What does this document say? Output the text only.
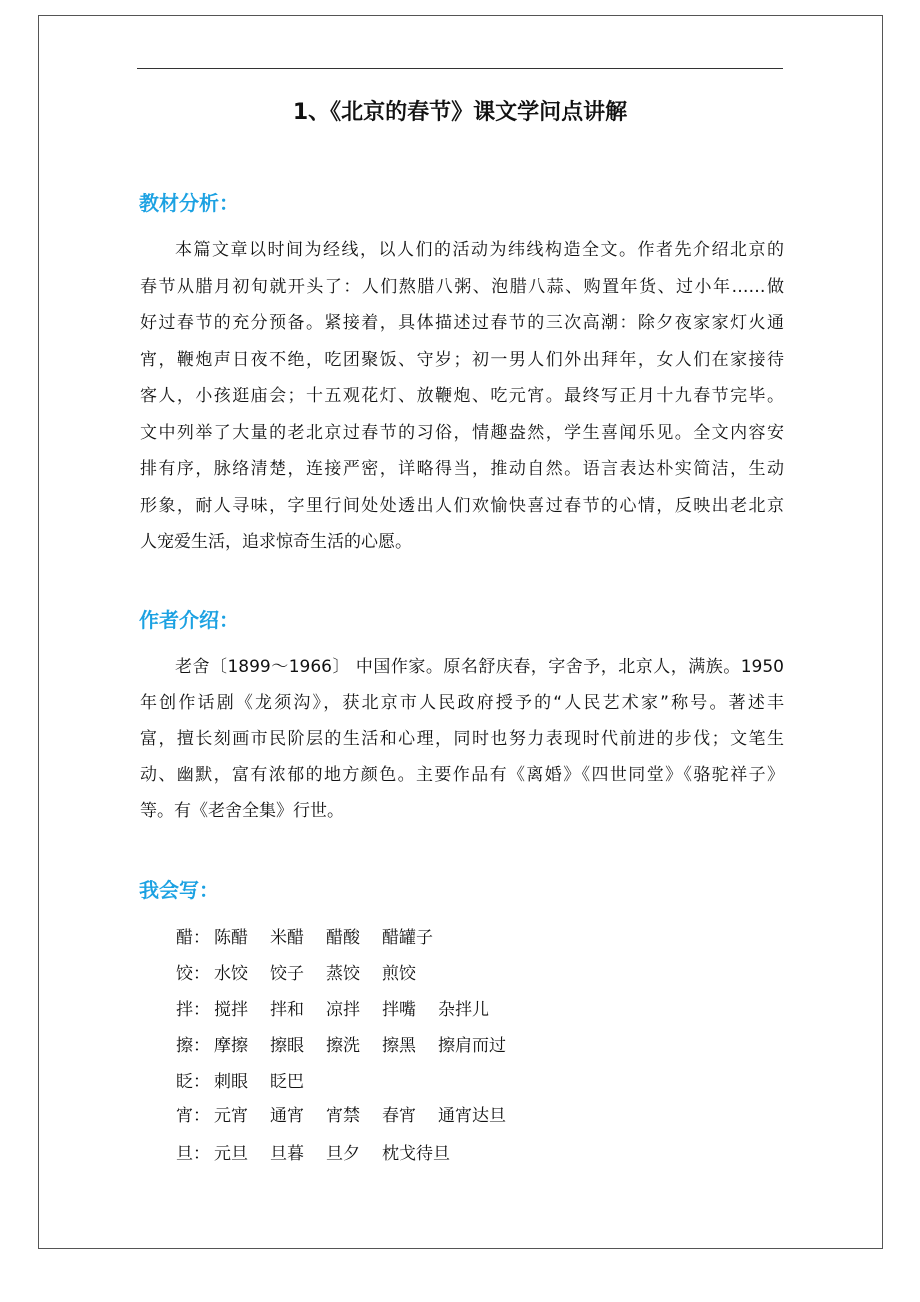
1、《北京的春节》课文学问点讲解
教材分析：
本篇文章以时间为经线，以人们的活动为纬线构造全文。作者先介绍北京的
春节从腊月初旬就开头了：人们熬腊八粥、泡腊八蒜、购置年货、过小年……做
好过春节的充分预备。紧接着，具体描述过春节的三次高潮：除夕夜家家灯火通
宵，鞭炮声日夜不绝，吃团聚饭、守岁；初一男人们外出拜年，女人们在家接待
客人，小孩逛庙会；十五观花灯、放鞭炮、吃元宵。最终写正月十九春节完毕。
文中列举了大量的老北京过春节的习俗，情趣盎然，学生喜闻乐见。全文内容安
排有序，脉络清楚，连接严密，详略得当，推动自然。语言表达朴实简洁，生动
形象，耐人寻味，字里行间处处透出人们欢愉快喜过春节的心情，反映出老北京
人宠爱生活，追求惊奇生活的心愿。
作者介绍：
老舍〔1899～1966〕 中国作家。原名舒庆春，字舍予，北京人，满族。1950
年创作话剧《龙须沟》，获北京市人民政府授予的“人民艺术家”称号。著述丰
富，擅长刻画市民阶层的生活和心理，同时也努力表现时代前进的步伐；文笔生
动、幽默，富有浓郁的地方颜色。主要作品有《离婚》《四世同堂》《骆驼祥子》
等。有《老舍全集》行世。
我会写：
醋： 陈醋 米醋 醋酸 醋罐子
饺： 水饺 饺子 蒸饺 煎饺
拌： 搅拌 拌和 凉拌 拌嘴 杂拌儿
擦： 摩擦 擦眼 擦洗 擦黑 擦肩而过
眨： 刺眼 眨巴
宵： 元宵 通宵 宵禁 春宵 通宵达旦
旦： 元旦 旦暮 旦夕 枕戈待旦
